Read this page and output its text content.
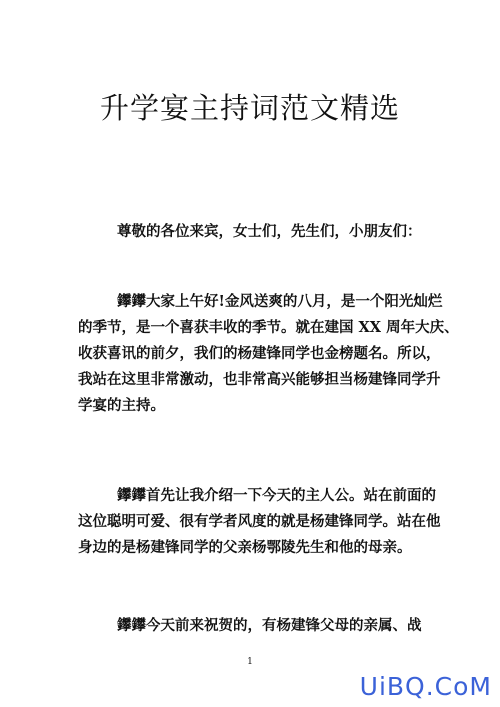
升学宴主持词范文精选

尊敬的各位来宾，女士们，先生们，小朋友们：

鑻鑻大家上午好!金风送爽的八月，是一个阳光灿烂
的季节，是一个喜获丰收的季节。就在建国 XX 周年大庆、
收获喜讯的前夕，我们的杨建锋同学也金榜题名。所以，
我站在这里非常激动，也非常高兴能够担当杨建锋同学升
学宴的主持。

鑻鑻首先让我介绍一下今天的主人公。站在前面的
这位聪明可爱、很有学者风度的就是杨建锋同学。站在他
身边的是杨建锋同学的父亲杨鄂陵先生和他的母亲。

鑻鑻今天前来祝贺的，有杨建锋父母的亲属、战

1
UiBQ.CoM
